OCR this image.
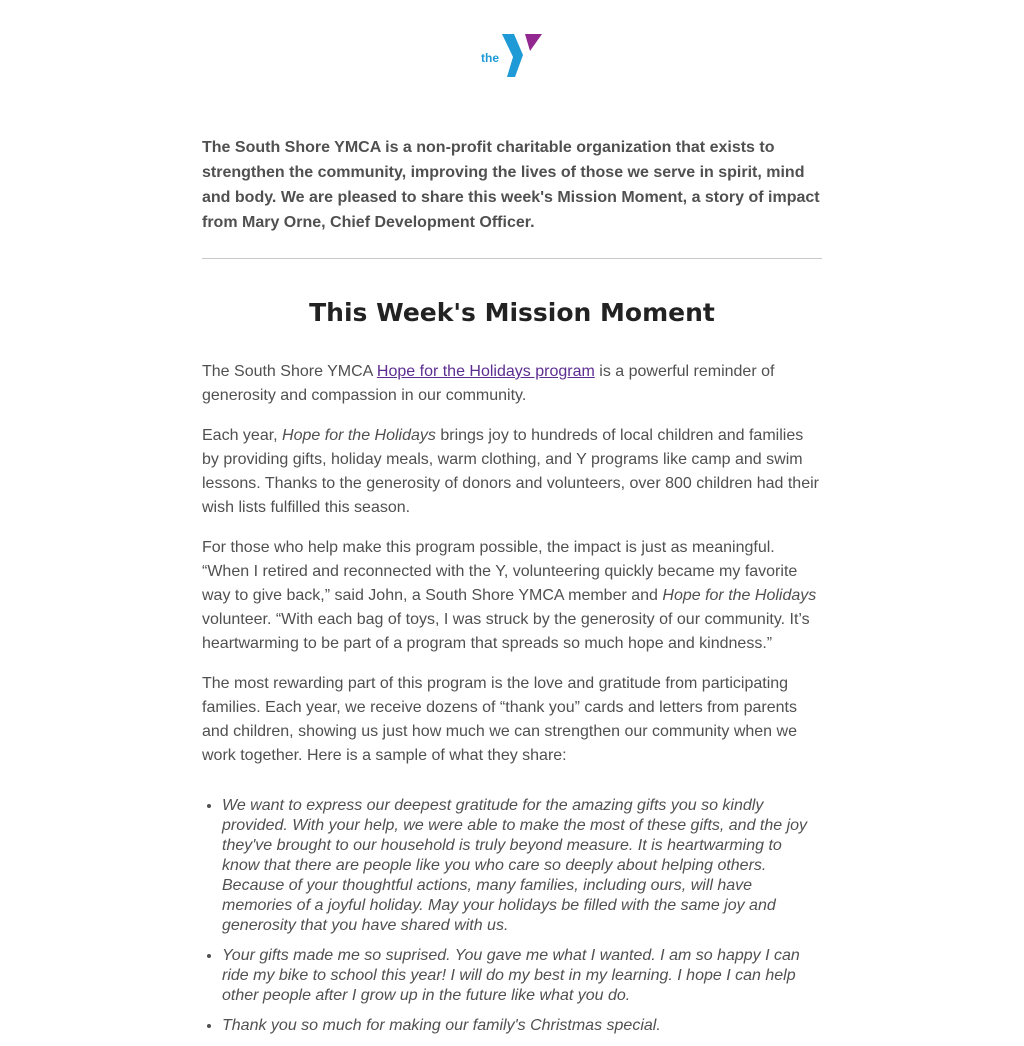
the

The South Shore YMCA is a non-profit charitable organization that exists to strengthen the community, improving the lives of those we serve in spirit, mind and body. We are pleased to share this week's Mission Moment, a story of impact from Mary Orne, Chief Development Officer.

This Week's Mission Moment

The South Shore YMCA Hope for the Holidays program is a powerful reminder of generosity and compassion in our community.

Each year, Hope for the Holidays brings joy to hundreds of local children and families by providing gifts, holiday meals, warm clothing, and Y programs like camp and swim lessons. Thanks to the generosity of donors and volunteers, over 800 children had their wish lists fulfilled this season.

For those who help make this program possible, the impact is just as meaningful. “When I retired and reconnected with the Y, volunteering quickly became my favorite way to give back,” said John, a South Shore YMCA member and Hope for the Holidays volunteer. “With each bag of toys, I was struck by the generosity of our community. It’s heartwarming to be part of a program that spreads so much hope and kindness.”

The most rewarding part of this program is the love and gratitude from participating families. Each year, we receive dozens of “thank you” cards and letters from parents and children, showing us just how much we can strengthen our community when we work together. Here is a sample of what they share:

• We want to express our deepest gratitude for the amazing gifts you so kindly provided. With your help, we were able to make the most of these gifts, and the joy they've brought to our household is truly beyond measure. It is heartwarming to know that there are people like you who care so deeply about helping others. Because of your thoughtful actions, many families, including ours, will have memories of a joyful holiday. May your holidays be filled with the same joy and generosity that you have shared with us.
• Your gifts made me so suprised. You gave me what I wanted. I am so happy I can ride my bike to school this year! I will do my best in my learning. I hope I can help other people after I grow up in the future like what you do.
• Thank you so much for making our family's Christmas special.
